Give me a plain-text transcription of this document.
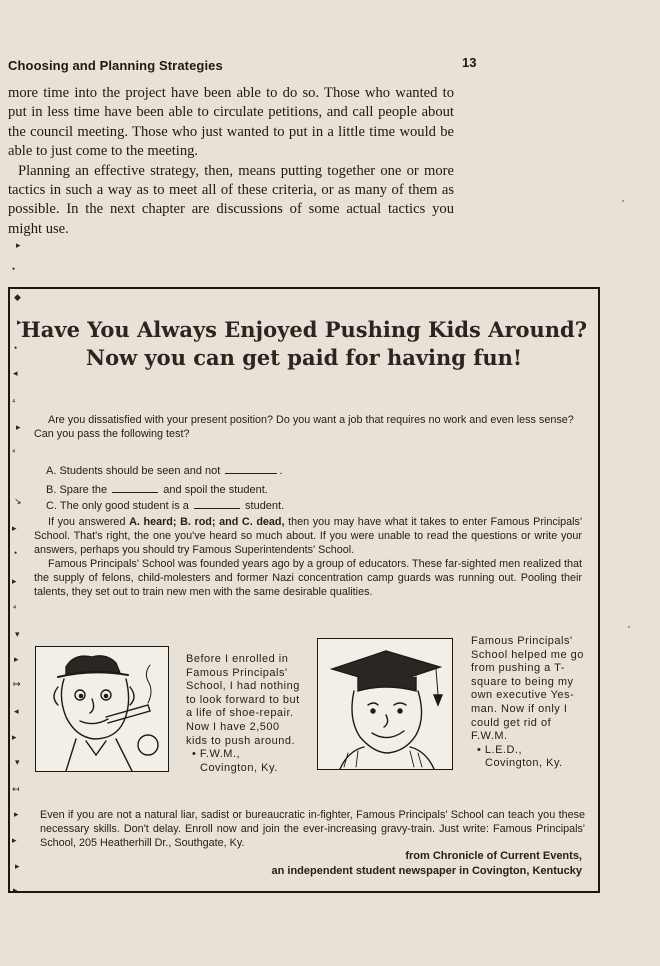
Choosing and Planning Strategies	13

more time into the project have been able to do so. Those who wanted to put in less time have been able to circulate petitions, and call people about the council meeting. Those who just wanted to put in a little time would be able to just come to the meeting.

Planning an effective strategy, then, means putting together one or more tactics in such a way as to meet all of these criteria, or as many of them as possible. In the next chapter are discussions of some actual tactics you might use.

▸
•
◆
▸
•
◂
⁴
▸
⁴
↘
▸
•
▸
⁴
▾
▸
↦
◂
▸
▾
↤
▸
▸
▸
▸
Have You Always Enjoyed Pushing Kids Around?
Now you can get paid for having fun!
Are you dissatisfied with your present position? Do you want a job that requires no work and even less sense? Can you pass the following test?
A. Students should be seen and not	.
B. Spare the	and spoil the student.
C. The only good student is a	student.

If you answered A. heard; B. rod; and C. dead, then you may have what it takes to enter Famous Principals' School. That's right, the one you've heard so much about. If you were unable to read the questions or write your answers, perhaps you should try Famous Superintendents' School.

Famous Principals' School was founded years ago by a group of educators. These far-sighted men realized that the supply of felons, child-molesters and former Nazi concentration camp guards was running out. Pooling their talents, they set out to train new men with the same desirable qualities.

Before I enrolled in Famous Principals' School, I had nothing to look forward to but a life of shoe-repair. Now I have 2,500 kids to push around.

• F.W.M.,

Covington, Ky.

Famous Principals' School helped me go from pushing a T-square to being my own executive Yes-man. Now if only I could get rid of F.W.M.

• L.E.D.,

Covington, Ky.

Even if you are not a natural liar, sadist or bureaucratic in-fighter, Famous Principals' School can teach you these necessary skills. Don't delay. Enroll now and join the ever-increasing gravy-train. Just write: Famous Principals' School, 205 Heatherhill Dr., Southgate, Ky.
from Chronicle of Current Events,
an independent student newspaper in Covington, Kentucky
